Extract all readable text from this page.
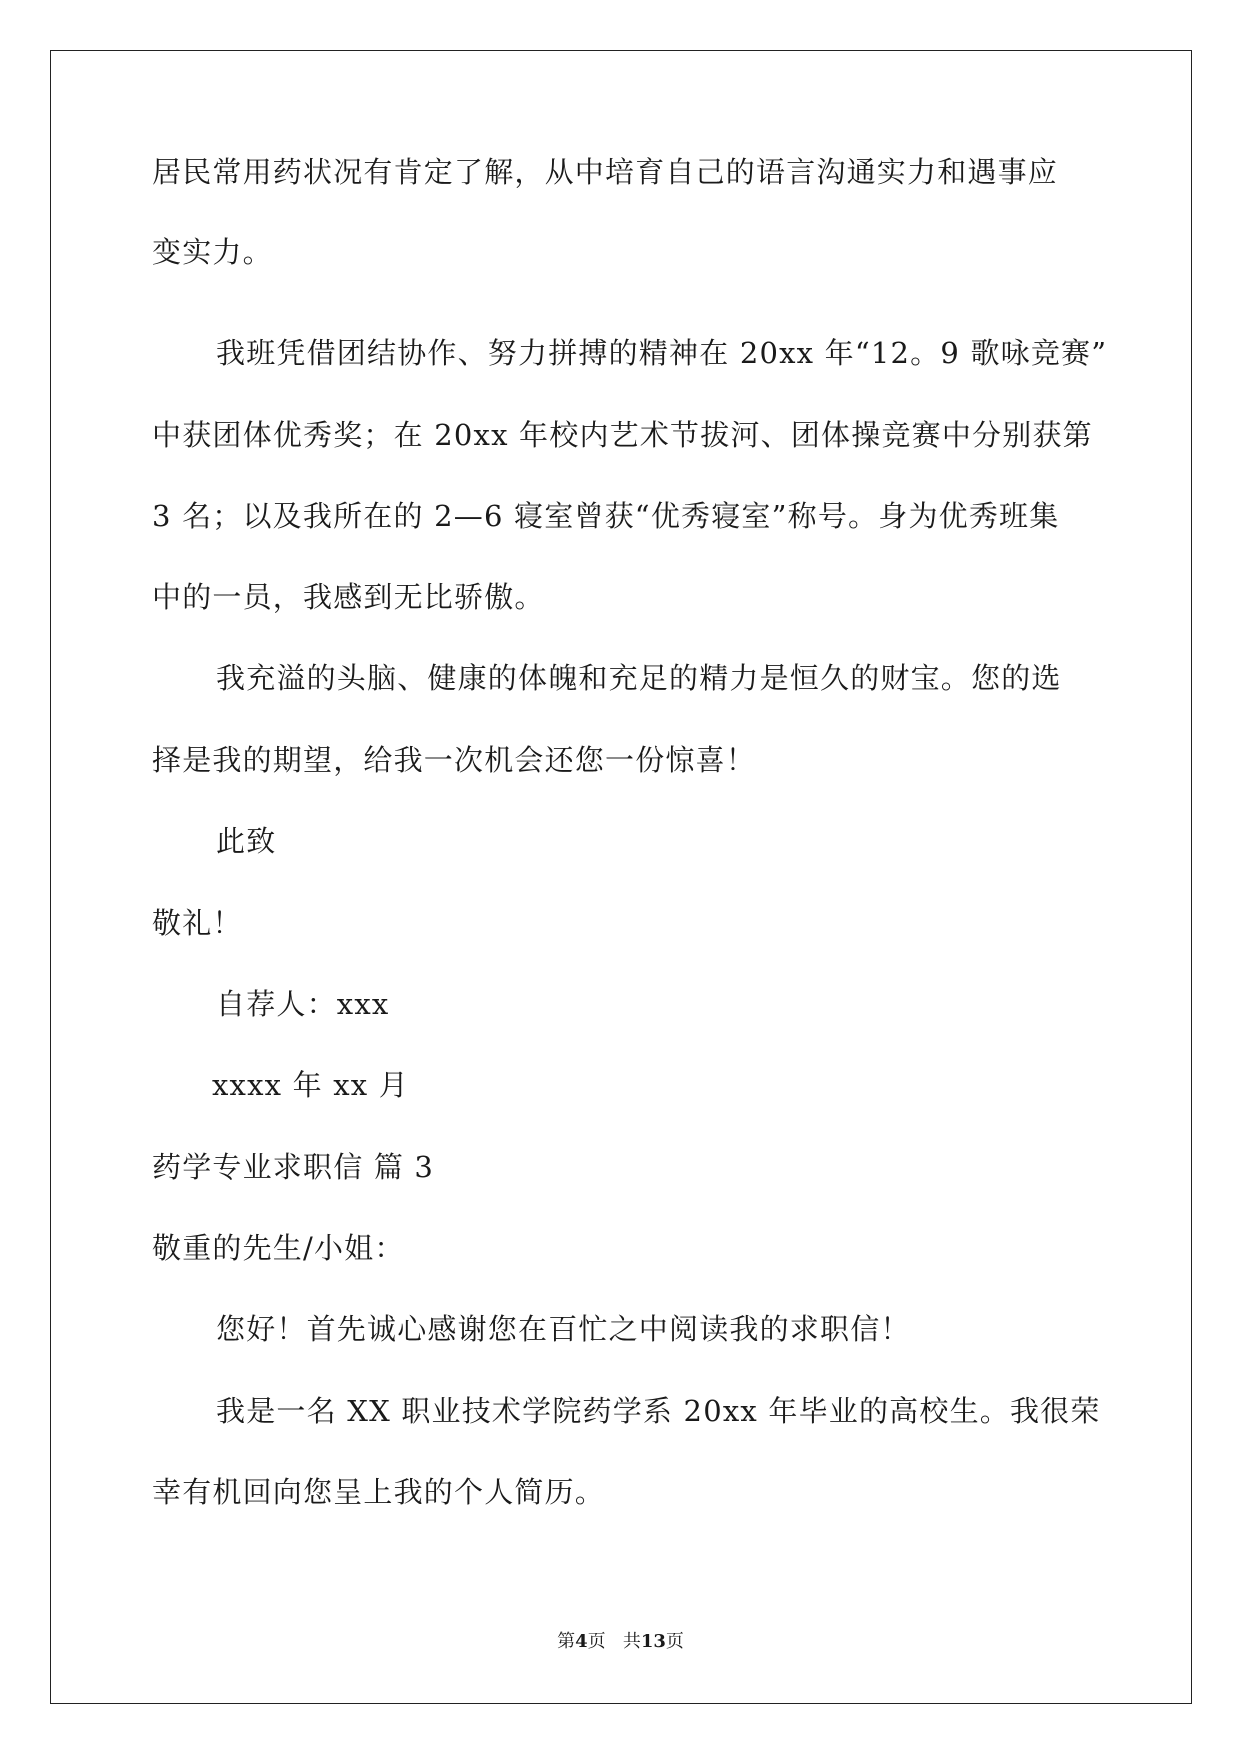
居民常用药状况有肯定了解，从中培育自己的语言沟通实力和遇事应
变实力。
我班凭借团结协作、努力拼搏的精神在 20xx 年“12。9 歌咏竞赛”
中获团体优秀奖；在 20xx 年校内艺术节拔河、团体操竞赛中分别获第
3 名；以及我所在的 2—6 寝室曾获“优秀寝室”称号。身为优秀班集
中的一员，我感到无比骄傲。
我充溢的头脑、健康的体魄和充足的精力是恒久的财宝。您的选
择是我的期望，给我一次机会还您一份惊喜！
此致
敬礼！
自荐人：xxx
xxxx 年 xx 月
药学专业求职信 篇 3
敬重的先生/小姐：
您好！首先诚心感谢您在百忙之中阅读我的求职信！
我是一名 XX 职业技术学院药学系 20xx 年毕业的高校生。我很荣
幸有机回向您呈上我的个人简历。
第4页 共13页
